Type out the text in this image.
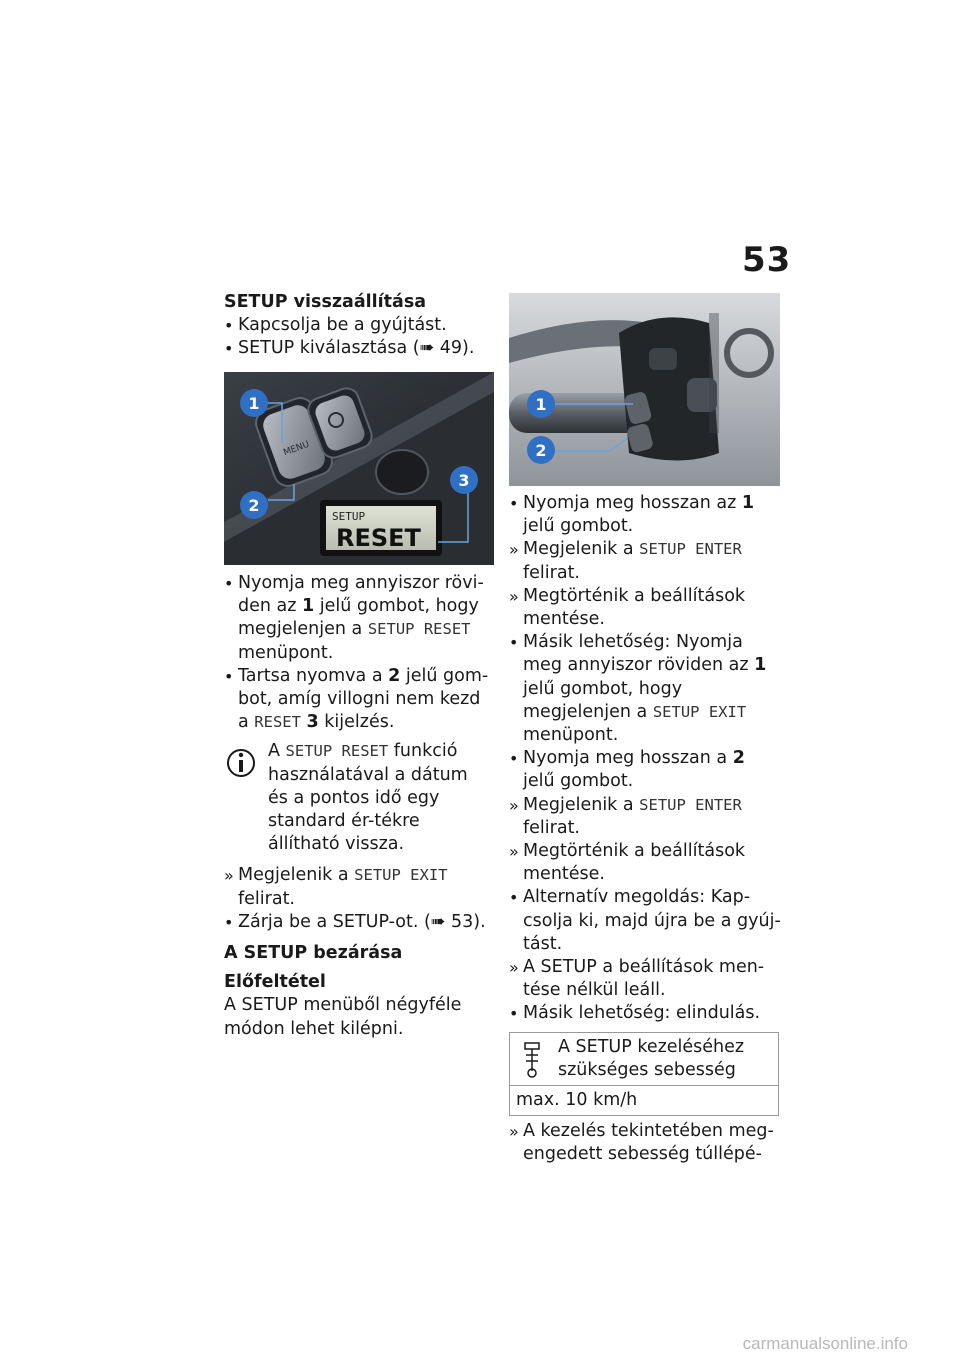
53

SETUP visszaállítása

• Kapcsolja be a gyújtást.

• SETUP kiválasztása (➠ 49).

MENU
SETUP
RESET
1
2
3

• Nyomja meg annyiszor rövi-den az 1 jelű gombot, hogy megjelenjen a SETUP RESET menüpont.

• Tartsa nyomva a 2 jelű gom-bot, amíg villogni nem kezd a RESET 3 kijelzés.

A SETUP RESET funkció használatával a dátum és a pontos idő egy standard ér-tékre állítható vissza.

» Megjelenik a SETUP EXIT felirat.

• Zárja be a SETUP-ot. (➠ 53).

A SETUP bezárása

Előfeltétel

A SETUP menüből négyféle módon lehet kilépni.

1
2

• Nyomja meg hosszan az 1 jelű gombot.

» Megjelenik a SETUP ENTER felirat.

» Megtörténik a beállítások mentése.

• Másik lehetőség: Nyomja meg annyiszor röviden az 1 jelű gombot, hogy megjelenjen a SETUP EXIT menüpont.

• Nyomja meg hosszan a 2 jelű gombot.

» Megjelenik a SETUP ENTER felirat.

» Megtörténik a beállítások mentése.

• Alternatív megoldás: Kap-csolja ki, majd újra be a gyúj-tást.

» A SETUP a beállítások men-tése nélkül leáll.

• Másik lehetőség: elindulás.

A SETUP kezeléséhez szükséges sebesség
max. 10 km/h

» A kezelés tekintetében meg-engedett sebesség túllépé-

carmanualsonline.info
